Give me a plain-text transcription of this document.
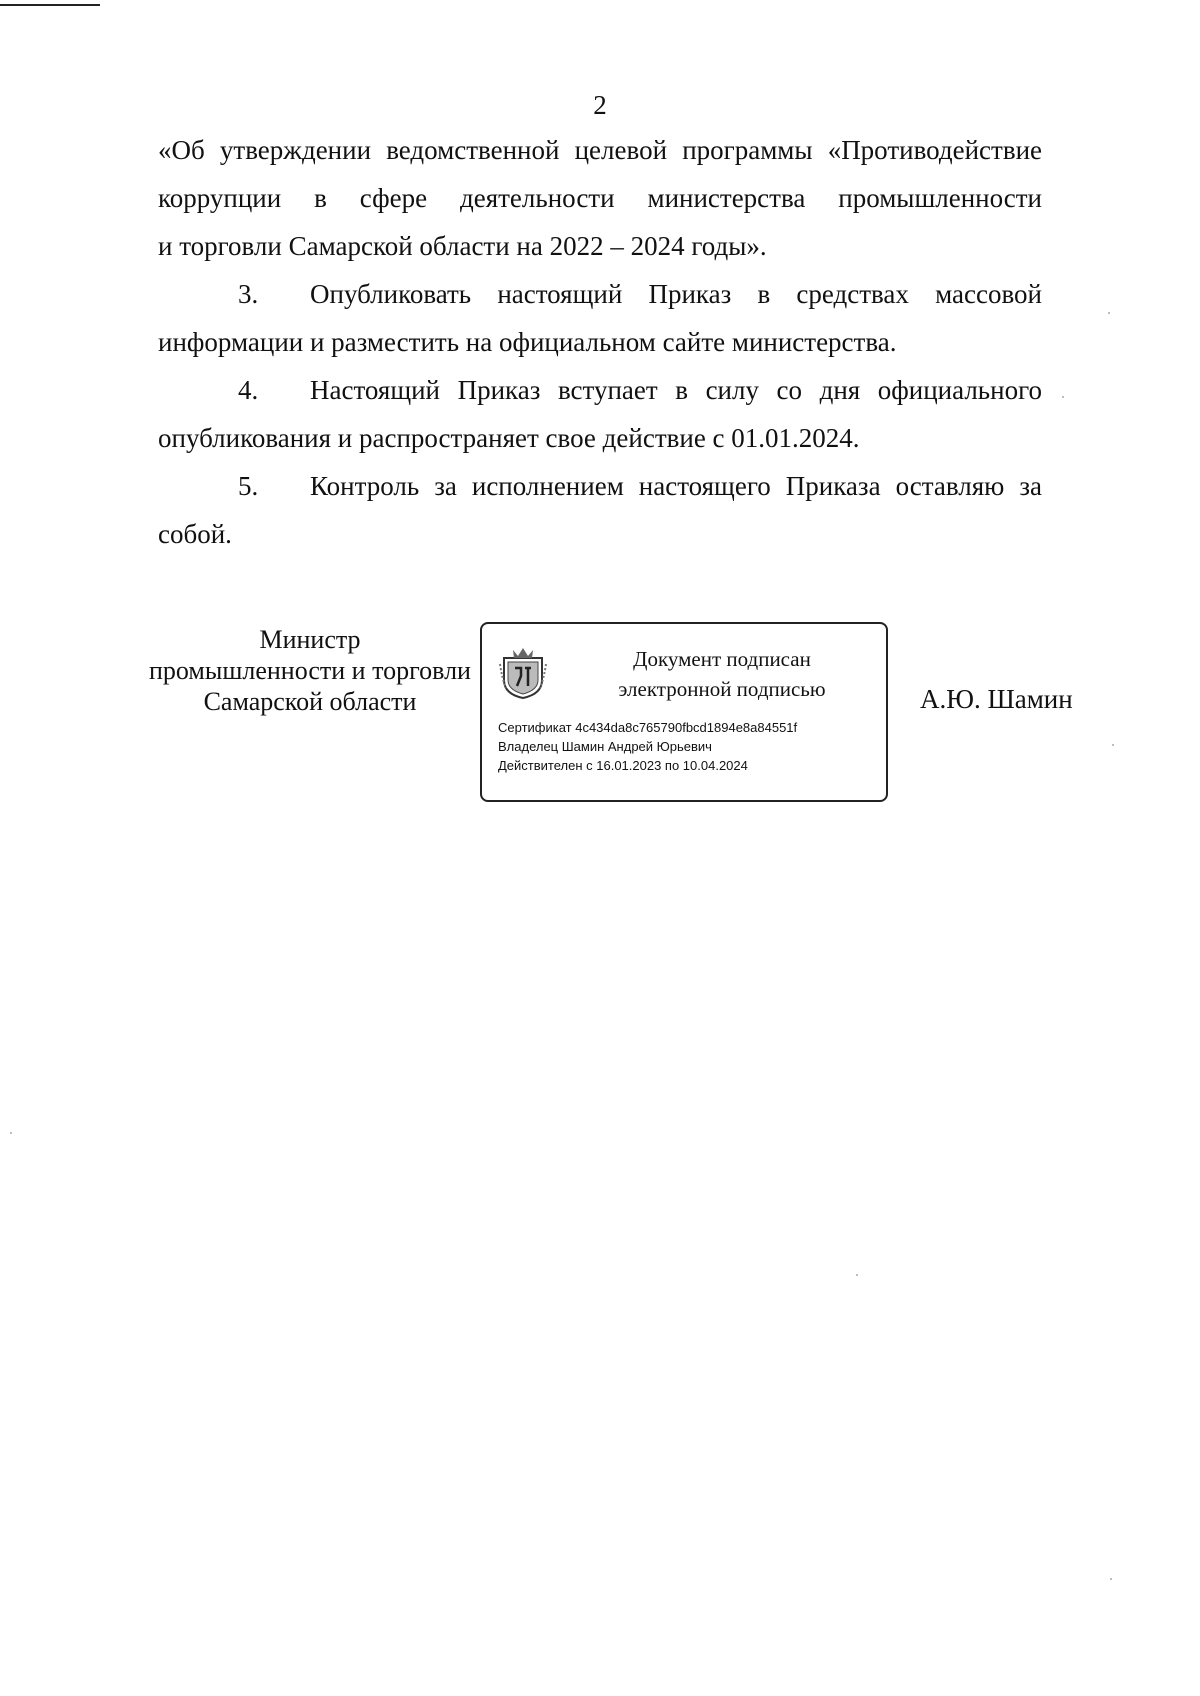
2
«Об утверждении ведомственной целевой программы «Противодействие
коррупции в сфере деятельности министерства промышленности
и торговли Самарской области на 2022 – 2024 годы».
3.	Опубликовать настоящий Приказ в средствах массовой
информации и разместить на официальном сайте министерства.
4.	Настоящий Приказ вступает в силу со дня официального
опубликования и распространяет свое действие с 01.01.2024.
5.	Контроль за исполнением настоящего Приказа оставляю за
собой.
Министр
промышленности и торговли
Самарской области
Документ подписан
электронной подписью
Сертификат 4c434da8c765790fbcd1894e8a84551f
Владелец Шамин Андрей Юрьевич
Действителен с 16.01.2023 по 10.04.2024
А.Ю. Шамин
